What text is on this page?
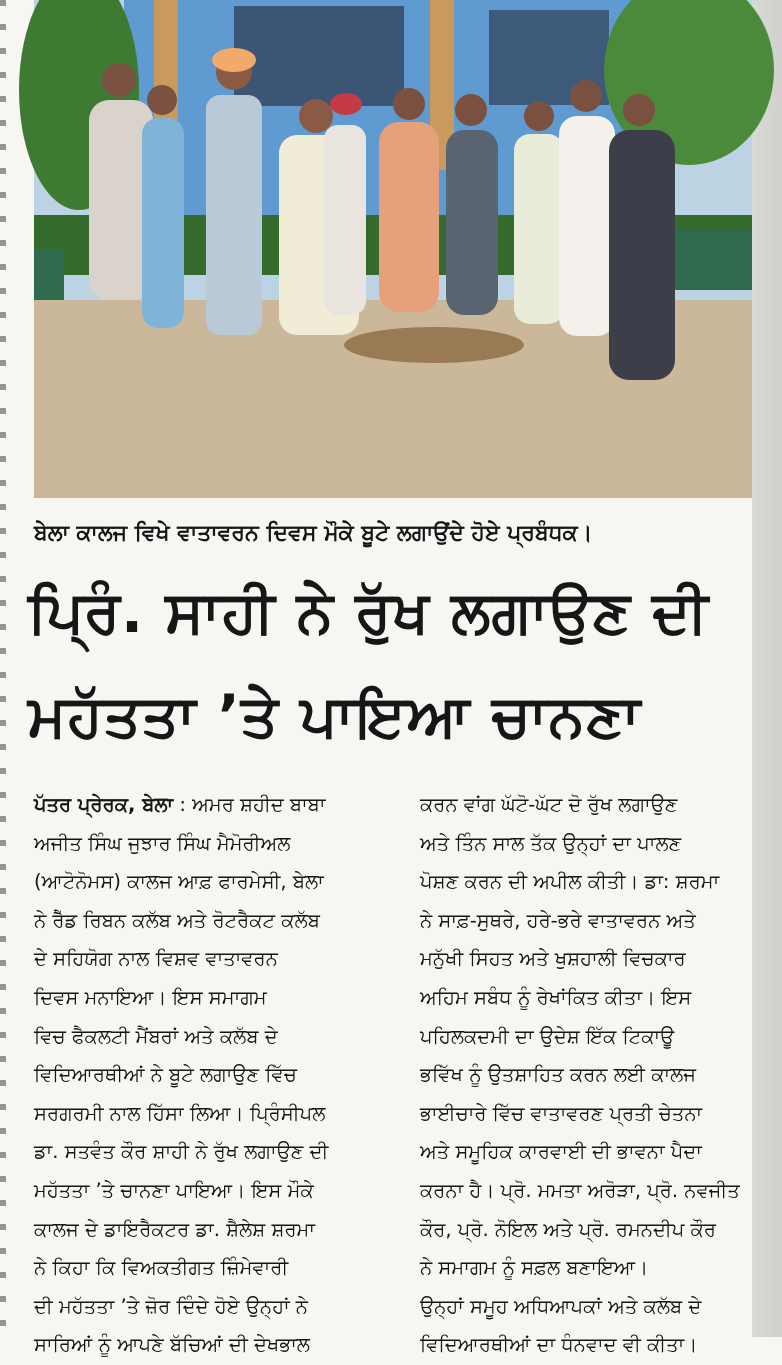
ਬੇਲਾ ਕਾਲਜ ਵਿਖੇ ਵਾਤਾਵਰਨ ਦਿਵਸ ਮੌਕੇ ਬੂਟੇ ਲਗਾਉਂਦੇ ਹੋਏ ਪ੍ਰਬੰਧਕ।
ਪ੍ਰਿੰ. ਸਾਹੀ ਨੇ ਰੁੱਖ ਲਗਾਉਣ ਦੀ
ਮਹੱਤਤਾ ’ਤੇ ਪਾਇਆ ਚਾਨਣਾ
ਪੱਤਰ ਪ੍ਰੇਰਕ, ਬੇਲਾ : ਅਮਰ ਸ਼ਹੀਦ ਬਾਬਾ
ਅਜੀਤ ਸਿੰਘ ਜੁਝਾਰ ਸਿੰਘ ਮੈਮੋਰੀਅਲ
(ਆਟੋਨੋਮਸ) ਕਾਲਜ ਆਫ਼ ਫਾਰਮੇਸੀ, ਬੇਲਾ
ਨੇ ਰੈੱਡ ਰਿਬਨ ਕਲੱਬ ਅਤੇ ਰੋਟਰੈਕਟ ਕਲੱਬ
ਦੇ ਸਹਿਯੋਗ ਨਾਲ ਵਿਸ਼ਵ ਵਾਤਾਵਰਨ
ਦਿਵਸ ਮਨਾਇਆ। ਇਸ ਸਮਾਗਮ
ਵਿਚ ਫੈਕਲਟੀ ਮੈਂਬਰਾਂ ਅਤੇ ਕਲੱਬ ਦੇ
ਵਿਦਿਆਰਥੀਆਂ ਨੇ ਬੂਟੇ ਲਗਾਉਣ ਵਿੱਚ
ਸਰਗਰਮੀ ਨਾਲ ਹਿੱਸਾ ਲਿਆ। ਪ੍ਰਿੰਸੀਪਲ
ਡਾ. ਸਤਵੰਤ ਕੌਰ ਸ਼ਾਹੀ ਨੇ ਰੁੱਖ ਲਗਾਉਣ ਦੀ
ਮਹੱਤਤਾ ’ਤੇ ਚਾਨਣਾ ਪਾਇਆ। ਇਸ ਮੌਕੇ
ਕਾਲਜ ਦੇ ਡਾਇਰੈਕਟਰ ਡਾ. ਸ਼ੈਲੇਸ਼ ਸ਼ਰਮਾ
ਨੇ ਕਿਹਾ ਕਿ ਵਿਅਕਤੀਗਤ ਜ਼ਿੰਮੇਵਾਰੀ
ਦੀ ਮਹੱਤਤਾ ’ਤੇ ਜ਼ੋਰ ਦਿੰਦੇ ਹੋਏ ਉਨ੍ਹਾਂ ਨੇ
ਸਾਰਿਆਂ ਨੂੰ ਆਪਣੇ ਬੱਚਿਆਂ ਦੀ ਦੇਖਭਾਲ
ਕਰਨ ਵਾਂਗ ਘੱਟੋ-ਘੱਟ ਦੋ ਰੁੱਖ ਲਗਾਉਣ
ਅਤੇ ਤਿੰਨ ਸਾਲ ਤੱਕ ਉਨ੍ਹਾਂ ਦਾ ਪਾਲਣ
ਪੋਸ਼ਣ ਕਰਨ ਦੀ ਅਪੀਲ ਕੀਤੀ। ਡਾ: ਸ਼ਰਮਾ
ਨੇ ਸਾਫ਼-ਸੁਥਰੇ, ਹਰੇ-ਭਰੇ ਵਾਤਾਵਰਨ ਅਤੇ
ਮਨੁੱਖੀ ਸਿਹਤ ਅਤੇ ਖੁਸ਼ਹਾਲੀ ਵਿਚਕਾਰ
ਅਹਿਮ ਸਬੰਧ ਨੂੰ ਰੇਖਾਂਕਿਤ ਕੀਤਾ। ਇਸ
ਪਹਿਲਕਦਮੀ ਦਾ ਉਦੇਸ਼ ਇੱਕ ਟਿਕਾਊ
ਭਵਿੱਖ ਨੂੰ ਉਤਸ਼ਾਹਿਤ ਕਰਨ ਲਈ ਕਾਲਜ
ਭਾਈਚਾਰੇ ਵਿੱਚ ਵਾਤਾਵਰਣ ਪ੍ਰਤੀ ਚੇਤਨਾ
ਅਤੇ ਸਮੂਹਿਕ ਕਾਰਵਾਈ ਦੀ ਭਾਵਨਾ ਪੈਦਾ
ਕਰਨਾ ਹੈ। ਪ੍ਰੋ. ਮਮਤਾ ਅਰੋੜਾ, ਪ੍ਰੋ. ਨਵਜੀਤ
ਕੌਰ, ਪ੍ਰੋ. ਨੋਇਲ ਅਤੇ ਪ੍ਰੋ. ਰਮਨਦੀਪ ਕੌਰ
ਨੇ ਸਮਾਗਮ ਨੂੰ ਸਫ਼ਲ ਬਣਾਇਆ।
ਉਨ੍ਹਾਂ ਸਮੂਹ ਅਧਿਆਪਕਾਂ ਅਤੇ ਕਲੱਬ ਦੇ
ਵਿਦਿਆਰਥੀਆਂ ਦਾ ਧੰਨਵਾਦ ਵੀ ਕੀਤਾ।
